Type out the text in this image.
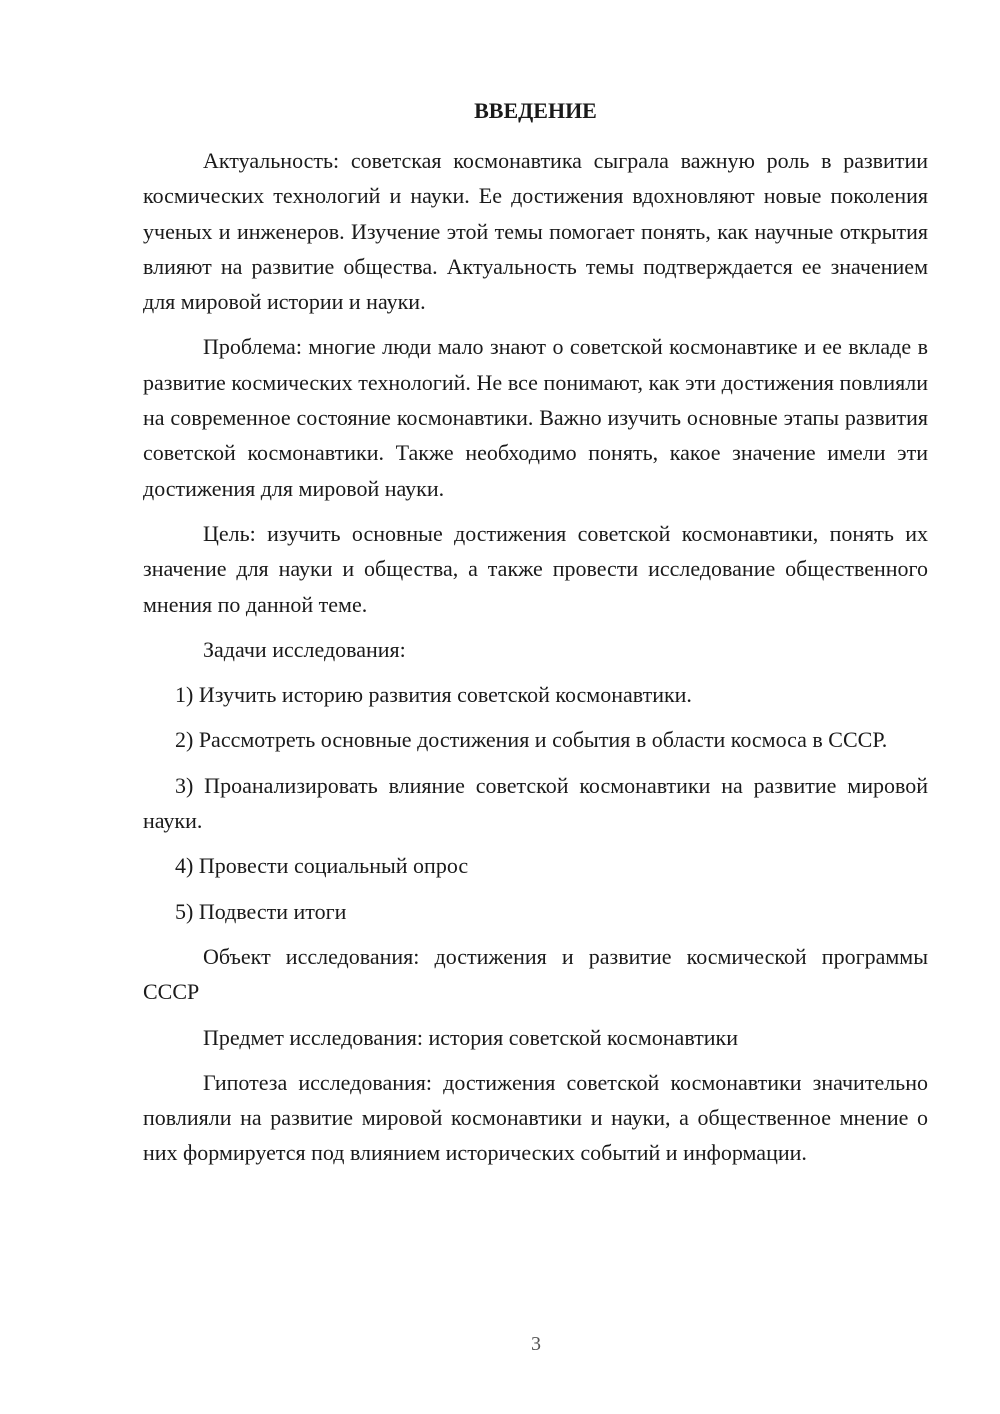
ВВЕДЕНИЕ

Актуальность: советская космонавтика сыграла важную роль в развитии космических технологий и науки. Ее достижения вдохновляют новые поколения ученых и инженеров. Изучение этой темы помогает понять, как научные открытия влияют на развитие общества. Актуальность темы подтверждается ее значением для мировой истории и науки.

Проблема: многие люди мало знают о советской космонавтике и ее вкладе в развитие космических технологий. Не все понимают, как эти достижения повлияли на современное состояние космонавтики. Важно изучить основные этапы развития советской космонавтики. Также необходимо понять, какое значение имели эти достижения для мировой науки.

Цель: изучить основные достижения советской космонавтики, понять их значение для науки и общества, а также провести исследование общественного мнения по данной теме.

Задачи исследования:

1) Изучить историю развития советской космонавтики.

2) Рассмотреть основные достижения и события в области космоса в СССР.

3) Проанализировать влияние советской космонавтики на развитие мировой науки.

4) Провести социальный опрос

5) Подвести итоги

Объект исследования: достижения и развитие космической программы СССР

Предмет исследования: история советской космонавтики

Гипотеза исследования: достижения советской космонавтики значительно повлияли на развитие мировой космонавтики и науки, а общественное мнение о них формируется под влиянием исторических событий и информации.

3
